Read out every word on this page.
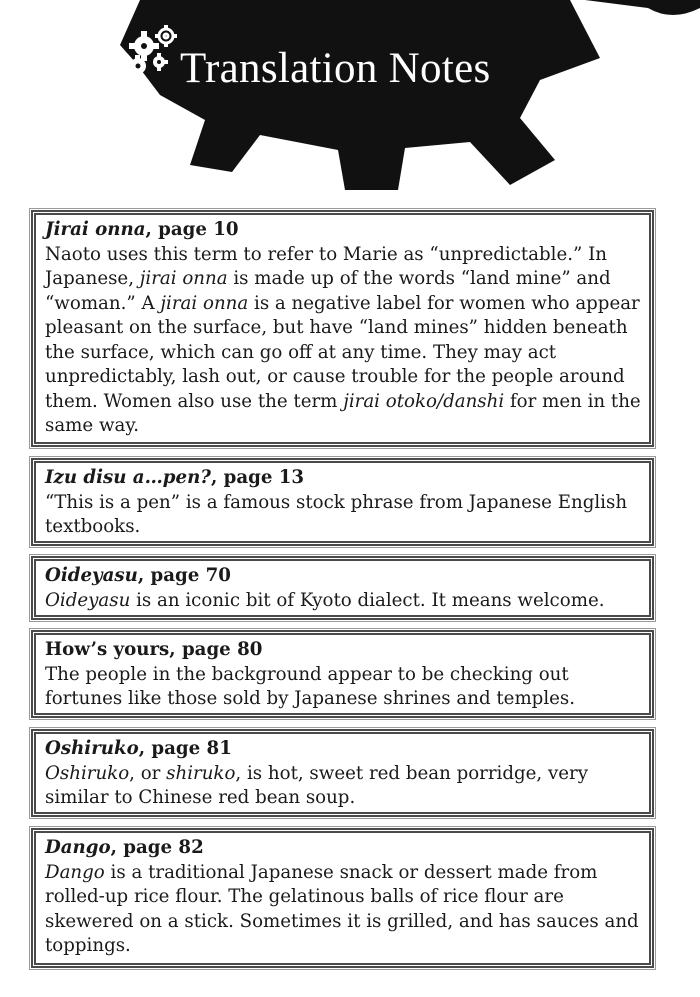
Translation Notes
Jirai onna, page 10
Naoto uses this term to refer to Marie as “unpredictable.” In Japanese, jirai onna is made up of the words “land mine” and “woman.” A jirai onna is a negative label for women who appear pleasant on the surface, but have “land mines” hidden beneath the surface, which can go off at any time. They may act unpredictably, lash out, or cause trouble for the people around them. Women also use the term jirai otoko/danshi for men in the same way.
Izu disu a…pen?, page 13
“This is a pen” is a famous stock phrase from Japanese English textbooks.
Oideyasu, page 70
Oideyasu is an iconic bit of Kyoto dialect. It means welcome.
How’s yours, page 80
The people in the background appear to be checking out fortunes like those sold by Japanese shrines and temples.
Oshiruko, page 81
Oshiruko, or shiruko, is hot, sweet red bean porridge, very similar to Chinese red bean soup.
Dango, page 82
Dango is a traditional Japanese snack or dessert made from rolled-up rice flour. The gelatinous balls of rice flour are skewered on a stick. Sometimes it is grilled, and has sauces and toppings.
